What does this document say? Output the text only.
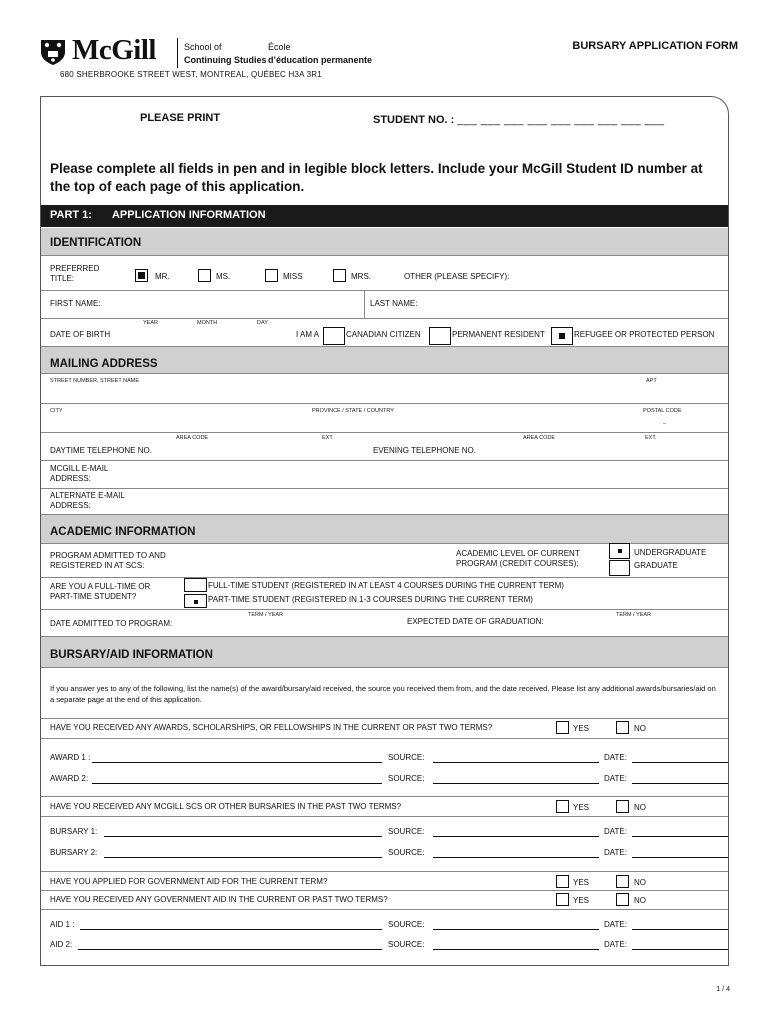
McGill	School of
Continuing Studies
École
d’éducation permanente
BURSARY APPLICATION FORM
680 SHERBROOKE STREET WEST, MONTREAL, QUÉBEC H3A 3R1
PLEASE PRINT	STUDENT NO. : ___ ___ ___ ___ ___ ___ ___ ___ ___
Please complete all fields in pen and in legible block letters. Include your McGill Student ID number at the top of each page of this application.
PART 1: APPLICATION INFORMATION
IDENTIFICATION
PREFERRED
TITLE:	MR.	MS.	MISS	MRS.	OTHER (PLEASE SPECIFY):
FIRST NAME:	LAST NAME:
YEAR	MONTH	DAY
DATE OF BIRTH	I AM A	CANADIAN CITIZEN	PERMANENT RESIDENT	REFUGEE OR PROTECTED PERSON
MAILING ADDRESS
STREET NUMBER, STREET NAME	APT
CITY	PROVINCE / STATE / COUNTRY	POSTAL CODE
–
AREA CODE	EXT.	AREA CODE	EXT.
DAYTIME TELEPHONE NO.	EVENING TELEPHONE NO.
MCGILL E-MAIL
ADDRESS:
ALTERNATE E-MAIL
ADDRESS:
ACADEMIC INFORMATION
PROGRAM ADMITTED TO AND
REGISTERED IN AT SCS:
ACADEMIC LEVEL OF CURRENT
PROGRAM (CREDIT COURSES):
UNDERGRADUATE
GRADUATE
ARE YOU A FULL-TIME OR
PART-TIME STUDENT?
FULL-TIME STUDENT (REGISTERED IN AT LEAST 4 COURSES DURING THE CURRENT TERM)
PART-TIME STUDENT (REGISTERED IN 1-3 COURSES DURING THE CURRENT TERM)
TERM / YEAR	TERM / YEAR
DATE ADMITTED TO PROGRAM:	EXPECTED DATE OF GRADUATION:
BURSARY/AID INFORMATION
If you answer yes to any of the following, list the name(s) of the award/bursary/aid received, the source you received them from, and the date received. Please list any additional awards/bursaries/aid on a separate page at the end of this application.
HAVE YOU RECEIVED ANY AWARDS, SCHOLARSHIPS, OR FELLOWSHIPS IN THE CURRENT OR PAST TWO TERMS?	YES	NO
AWARD 1 :	SOURCE:	DATE:
AWARD 2:	SOURCE:	DATE:
HAVE YOU RECEIVED ANY MCGILL SCS OR OTHER BURSARIES IN THE PAST TWO TERMS?	YES	NO
BURSARY 1:	SOURCE:	DATE:
BURSARY 2:	SOURCE:	DATE:
HAVE YOU APPLIED FOR GOVERNMENT AID FOR THE CURRENT TERM?	YES	NO
HAVE YOU RECEIVED ANY GOVERNMENT AID IN THE CURRENT OR PAST TWO TERMS?	YES	NO
AID 1 :	SOURCE:	DATE:
AID 2:	SOURCE:	DATE:
1 / 4
